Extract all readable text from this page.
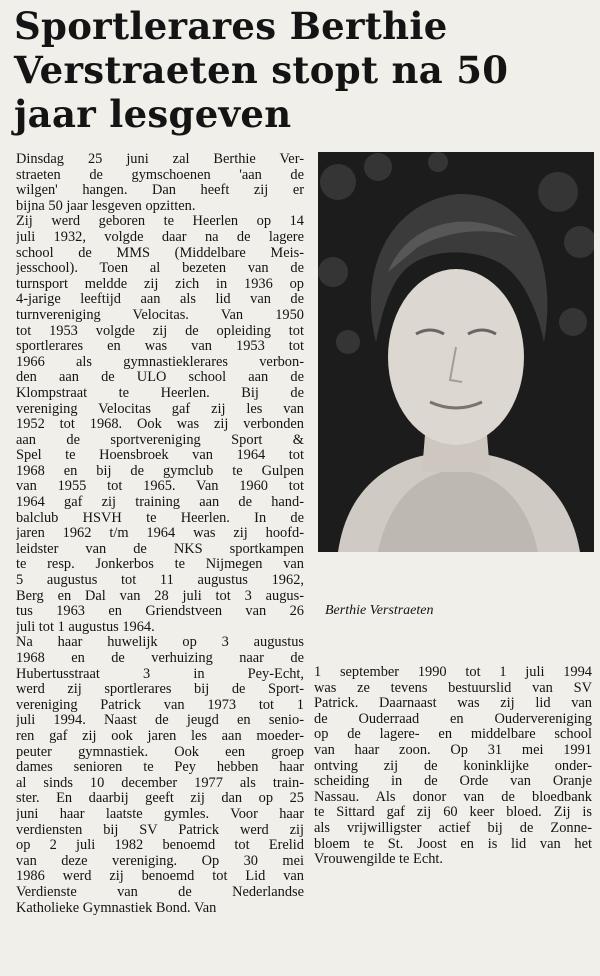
Sportlerares Berthie
Verstraeten stopt na 50
jaar lesgeven
Dinsdag 25 juni zal Berthie Ver-
straeten de gymschoenen 'aan de
wilgen' hangen. Dan heeft zij er
bijna 50 jaar lesgeven opzitten.
Zij werd geboren te Heerlen op 14
juli 1932, volgde daar na de lagere
school de MMS (Middelbare Meis-
jesschool). Toen al bezeten van de
turnsport meldde zij zich in 1936 op
4-jarige leeftijd aan als lid van de
turnvereniging Velocitas. Van 1950
tot 1953 volgde zij de opleiding tot
sportlerares en was van 1953 tot
1966 als gymnastieklerares verbon-
den aan de ULO school aan de
Klompstraat te Heerlen. Bij de
vereniging Velocitas gaf zij les van
1952 tot 1968. Ook was zij verbonden
aan de sportvereniging Sport &
Spel te Hoensbroek van 1964 tot
1968 en bij de gymclub te Gulpen
van 1955 tot 1965. Van 1960 tot
1964 gaf zij training aan de hand-
balclub HSVH te Heerlen. In de
jaren 1962 t/m 1964 was zij hoofd-
leidster van de NKS sportkampen
te resp. Jonkerbos te Nijmegen van
5 augustus tot 11 augustus 1962,
Berg en Dal van 28 juli tot 3 augus-
tus 1963 en Griendstveen van 26
juli tot 1 augustus 1964.
Na haar huwelijk op 3 augustus
1968 en de verhuizing naar de
Hubertusstraat 3 in Pey-Echt,
werd zij sportlerares bij de Sport-
vereniging Patrick van 1973 tot 1
juli 1994. Naast de jeugd en senio-
ren gaf zij ook jaren les aan moeder-
peuter gymnastiek. Ook een groep
dames senioren te Pey hebben haar
al sinds 10 december 1977 als train-
ster. En daarbij geeft zij dan op 25
juni haar laatste gymles. Voor haar
verdiensten bij SV Patrick werd zij
op 2 juli 1982 benoemd tot Erelid
van deze vereniging. Op 30 mei
1986 werd zij benoemd tot Lid van
Verdienste van de Nederlandse
Katholieke Gymnastiek Bond. Van
Berthie Verstraeten
1 september 1990 tot 1 juli 1994
was ze tevens bestuurslid van SV
Patrick. Daarnaast was zij lid van
de Ouderraad en Oudervereniging
op de lagere- en middelbare school
van haar zoon. Op 31 mei 1991
ontving zij de koninklijke onder-
scheiding in de Orde van Oranje
Nassau. Als donor van de bloedbank
te Sittard gaf zij 60 keer bloed. Zij is
als vrijwilligster actief bij de Zonne-
bloem te St. Joost en is lid van het
Vrouwengilde te Echt.
